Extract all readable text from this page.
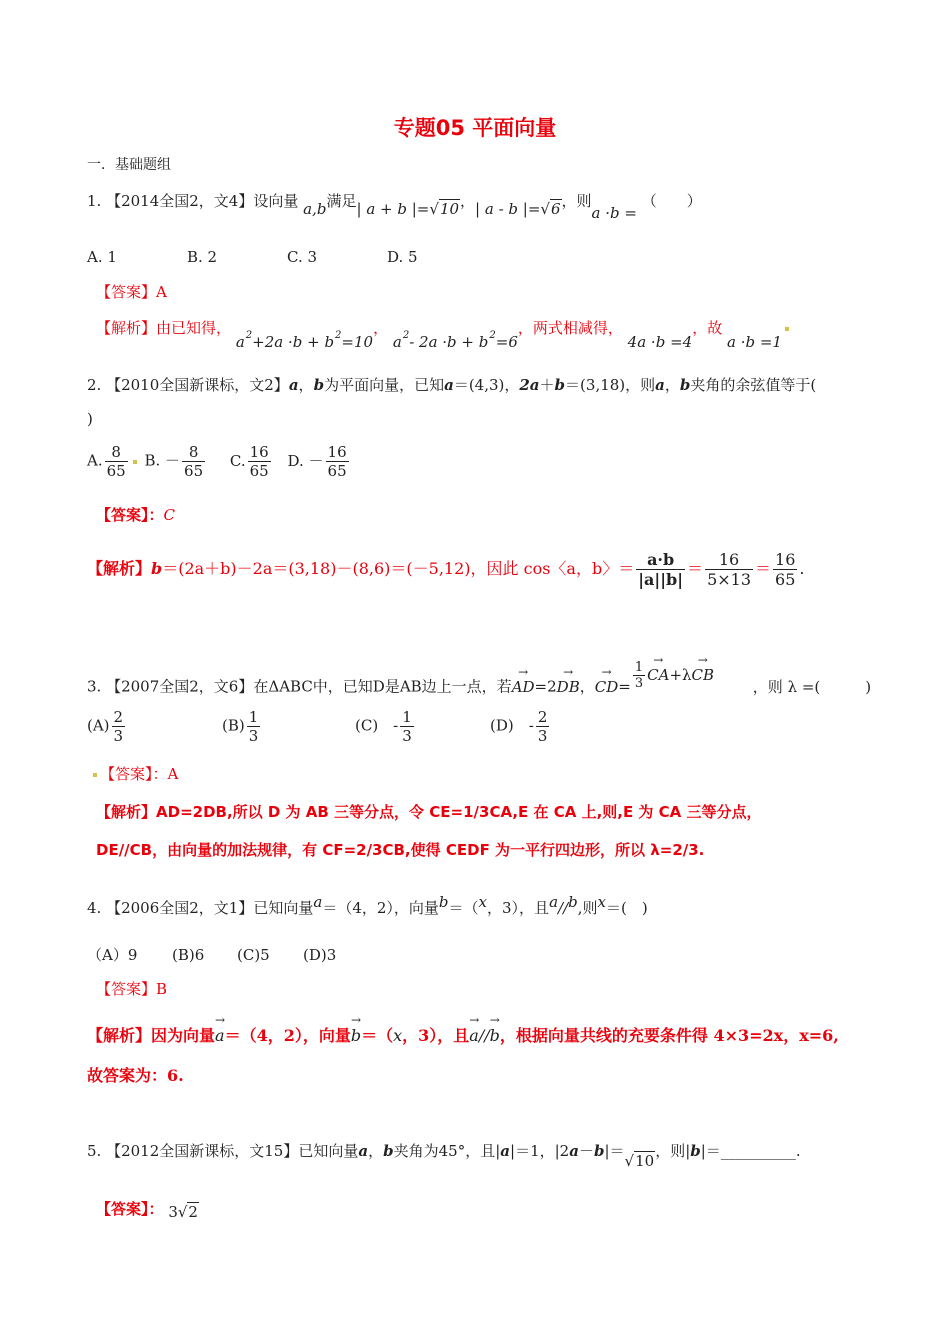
专题05 平面向量
一．基础题组
1. 【2014全国2，文4】设向量 a,b满足| a + b |=√10，| a - b |=√6，则a ·b = （　　）
A. 1	B. 2	C. 3	D. 5
【答案】A
【解析】由已知得， $a^2+2a \cdot b + b^2=10$， $a^2-$ $2a \cdot b + b^2=6$，两式相减得， 4a ·b =4，故 a ·b =1
2. 【2010全国新课标，文2】a，b为平面向量，已知a＝(4,3)，2a＋b＝(3,18)，则a，b夹角的余弦值等于(
)
A. $\frac{8}{65} B$. － $\frac{8}{65} C$. $\frac{16}{65} D$. － $\frac{16}{65}$
【答案】：C
【解析】b＝(2a＋b)－2a＝(3,18)－(8,6)＝(－5,12)，因此 cos〈a，b〉＝ $\frac{a\cdot b}{|a||b|} = \frac{16}{5\times 13} = \frac{16}{65}$ .
3. 【2007全国2，文6】在ΔABC中，已知D是AB边上一点，若→ AD=2→ DB，→ $CD= \frac{1}{3}$
→ CA+λ→ CB ，则 λ =(　　　)
$(A) \frac{2}{3}$	$(B) \frac{1}{3}$	(C)　- $\frac{1}{3}$	(D)　- $\frac{2}{3}$
【答案】：A
【解析】AD=2DB,所以 D 为 AB 三等分点，令 CE=1/3CA,E 在 CA 上,则,E 为 CA 三等分点，
DE//CB，由向量的加法规律，有 CF=2/3CB,使得 CEDF 为一平行四边形，所以 λ=2/3.
4. 【2006全国2，文1】已知向量a＝（4，2），向量b＝（x，3），且a//b,则x＝(　)
（A）9 (B)6 (C)5 (D)3
【答案】B
【解析】因为向量→ a＝（4，2），向量→ b＝（x，3），且→ a//→ b，根据向量共线的充要条件得 4×3=2x，x=6,
故答案为：6.
5. 【2012全国新课标，文15】已知向量a，b夹角为45°，且|a|＝1，|2a－b|＝√10，则|b|＝__________.
【答案】： 3√2
